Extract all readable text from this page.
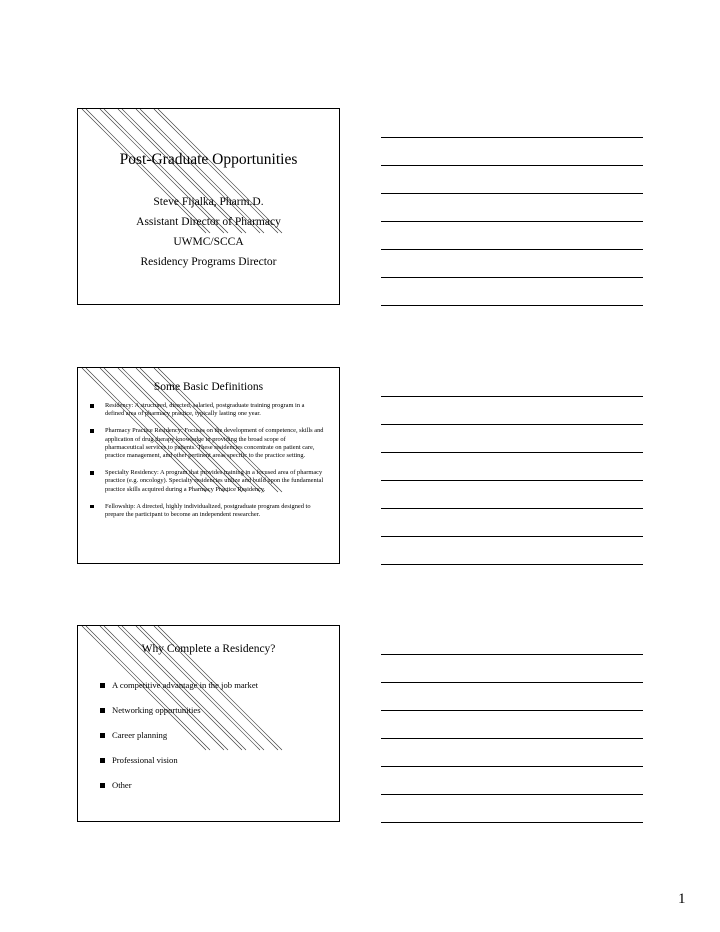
Post-Graduate Opportunities
Steve Fijalka, Pharm.D.
Assistant Director of Pharmacy
UWMC/SCCA
Residency Programs Director
Some Basic Definitions
Residency: A structured, directed, salaried, postgraduate training program in a defined area of pharmacy practice, typically lasting one year.
Pharmacy Practice Residency: Focuses on the development of competence, skills and application of drug therapy knowledge in providing the broad scope of pharmaceutical services to patients. These residencies concentrate on patient care, practice management, and other pertinent areas specific to the practice setting.
Specialty Residency: A program that provides training in a focused area of pharmacy practice (e.g. oncology). Specialty residencies utilize and build upon the fundamental practice skills acquired during a Pharmacy Practice Residency.
Fellowship: A directed, highly individualized, postgraduate program designed to prepare the participant to become an independent researcher.
Why Complete a Residency?
A competitive advantage in the job market
Networking opportunities
Career planning
Professional vision
Other
1
